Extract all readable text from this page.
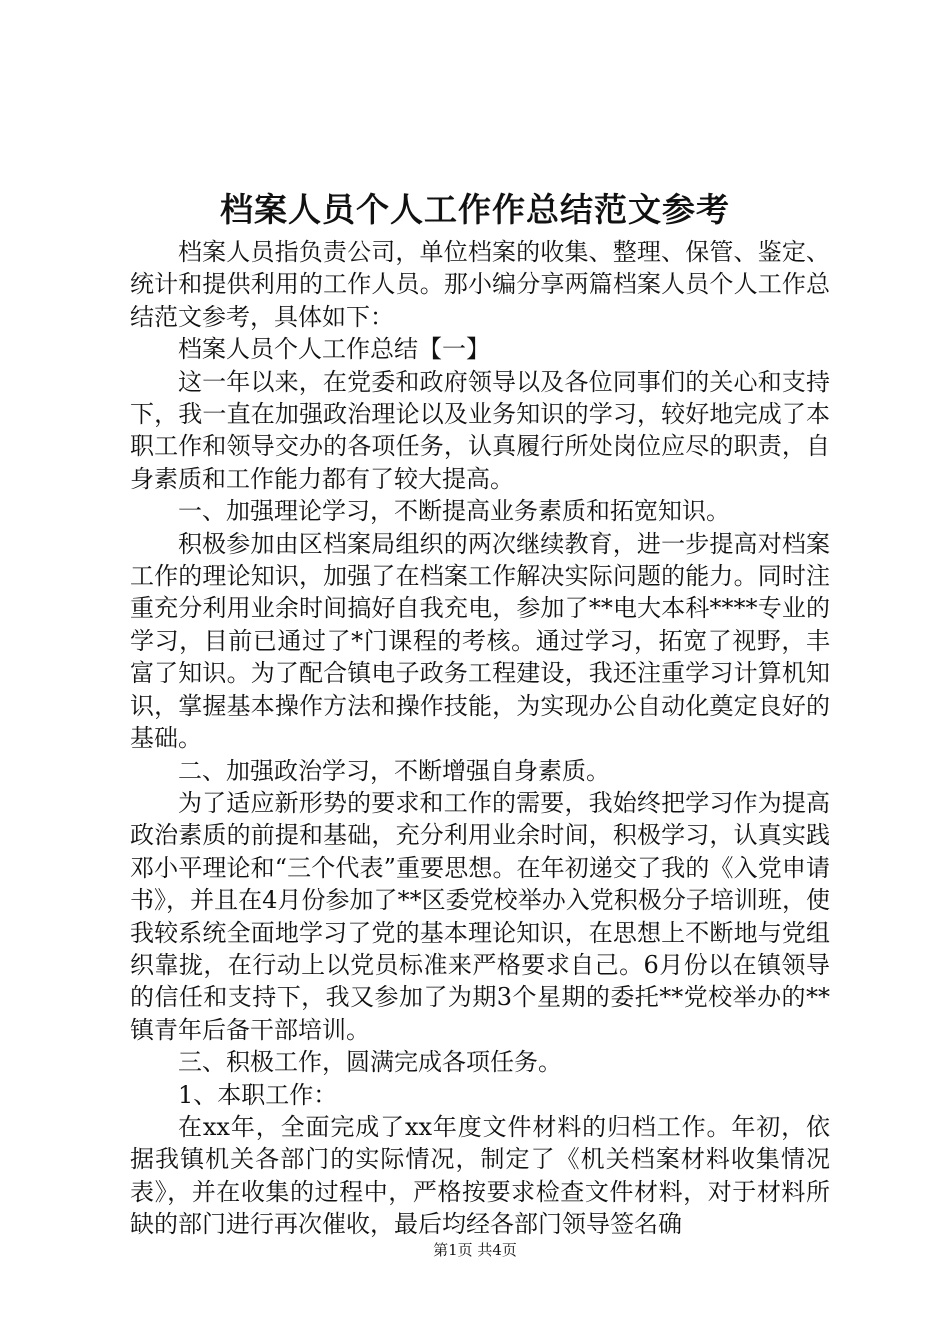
档案人员个人工作作总结范文参考

档案人员指负责公司，单位档案的收集、整理、保管、鉴定、统计和提供利用的工作人员。那小编分享两篇档案人员个人工作总结范文参考，具体如下：

档案人员个人工作总结【一】

这一年以来，在党委和政府领导以及各位同事们的关心和支持下，我一直在加强政治理论以及业务知识的学习，较好地完成了本职工作和领导交办的各项任务，认真履行所处岗位应尽的职责，自身素质和工作能力都有了较大提高。

一、加强理论学习，不断提高业务素质和拓宽知识。

积极参加由区档案局组织的两次继续教育，进一步提高对档案工作的理论知识，加强了在档案工作解决实际问题的能力。同时注重充分利用业余时间搞好自我充电，参加了**电大本科****专业的学习，目前已通过了*门课程的考核。通过学习，拓宽了视野，丰富了知识。为了配合镇电子政务工程建设，我还注重学习计算机知识，掌握基本操作方法和操作技能，为实现办公自动化奠定良好的基础。

二、加强政治学习，不断增强自身素质。

为了适应新形势的要求和工作的需要，我始终把学习作为提高政治素质的前提和基础，充分利用业余时间，积极学习，认真实践邓小平理论和“三个代表”重要思想。在年初递交了我的《入党申请书》，并且在4月份参加了**区委党校举办入党积极分子培训班，使我较系统全面地学习了党的基本理论知识，在思想上不断地与党组织靠拢，在行动上以党员标准来严格要求自己。6月份以在镇领导的信任和支持下，我又参加了为期3个星期的委托**党校举办的**镇青年后备干部培训。

三、积极工作，圆满完成各项任务。

1、本职工作：

在xx年，全面完成了xx年度文件材料的归档工作。年初，依据我镇机关各部门的实际情况，制定了《机关档案材料收集情况表》，并在收集的过程中，严格按要求检查文件材料，对于材料所缺的部门进行再次催收，最后均经各部门领导签名确

第1页 共4页
